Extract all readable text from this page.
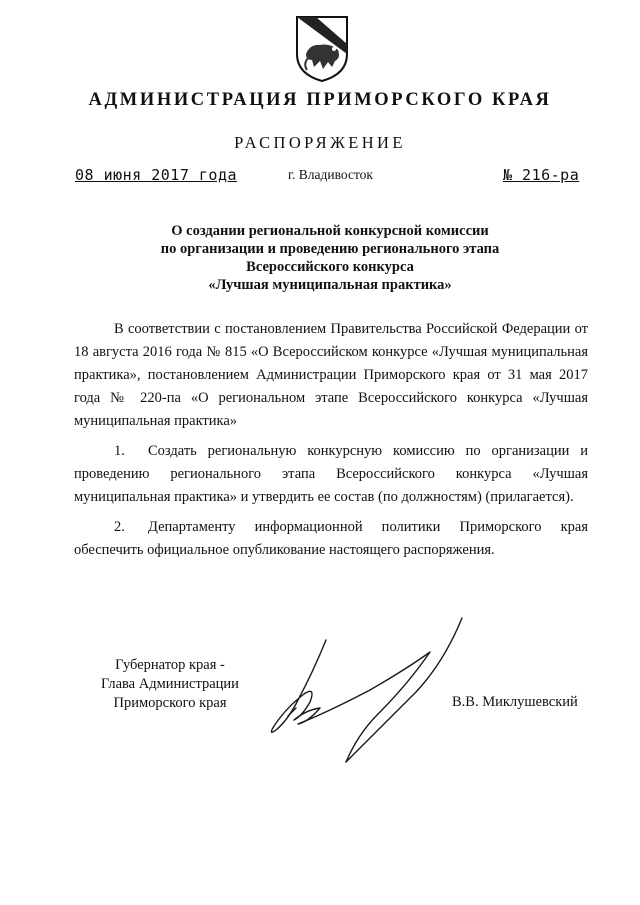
АДМИНИСТРАЦИЯ ПРИМОРСКОГО КРАЯ
РАСПОРЯЖЕНИЕ
08 июня 2017 года	г. Владивосток	№ 216-ра
О создании региональной конкурсной комиссии
по организации и проведению регионального этапа
Всероссийского конкурса
«Лучшая муниципальная практика»

В соответствии с постановлением Правительства Российской Федерации от 18 августа 2016 года № 815 «О Всероссийском конкурсе «Лучшая муниципальная практика», постановлением Администрации Приморского края от 31 мая 2017 года № 220-па «О региональном этапе Всероссийского конкурса «Лучшая муниципальная практика»

1. Создать региональную конкурсную комиссию по организации и проведению регионального этапа Всероссийского конкурса «Лучшая муниципальная практика» и утвердить ее состав (по должностям) (прилагается).

2. Департаменту информационной политики Приморского края обеспечить официальное опубликование настоящего распоряжения.

Губернатор края -
Глава Администрации
Приморского края	В.В. Миклушевский
